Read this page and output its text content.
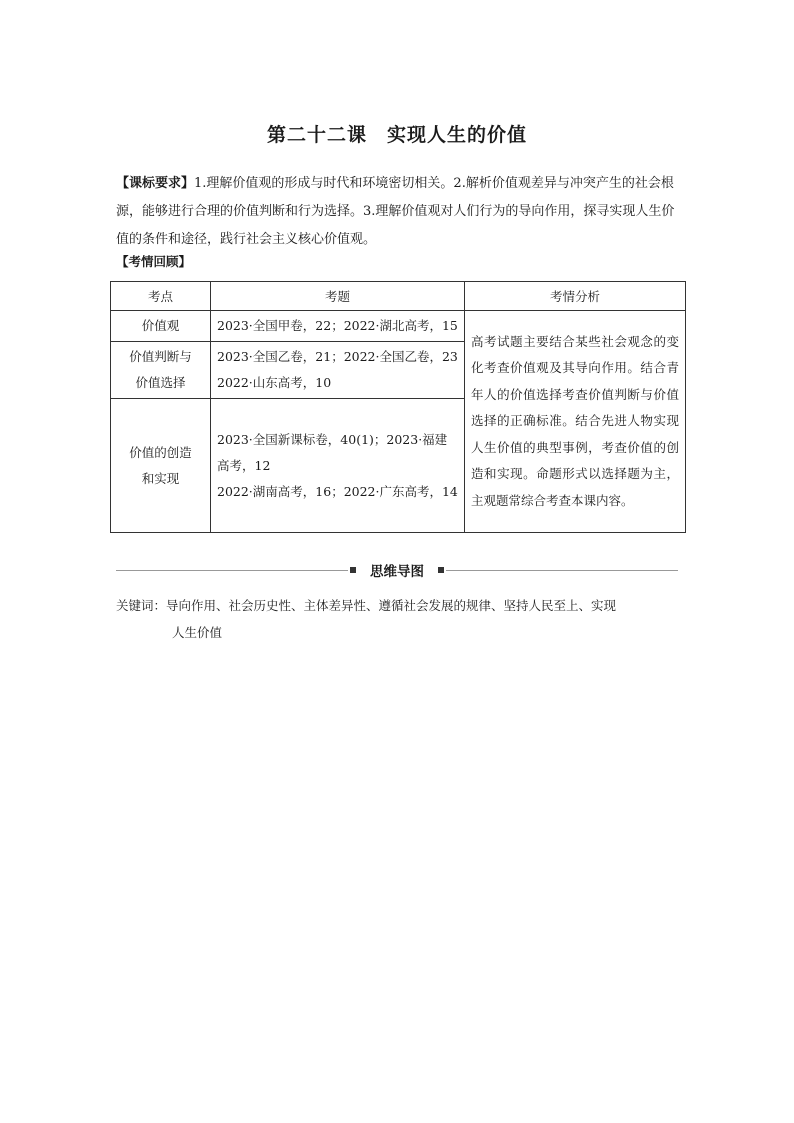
第二十二课　实现人生的价值
【课标要求】1.理解价值观的形成与时代和环境密切相关。2.解析价值观差异与冲突产生的社会根源，能够进行合理的价值判断和行为选择。3.理解价值观对人们行为的导向作用，探寻实现人生价值的条件和途径，践行社会主义核心价值观。
【考情回顾】
考点	考题	考情分析
价值观	2023·全国甲卷，22；2022·湖北高考，15	高考试题主要结合某些社会观念的变化考查价值观及其导向作用。结合青年人的价值选择考查价值判断与价值选择的正确标准。结合先进人物实现人生价值的典型事例，考查价值的创造和实现。命题形式以选择题为主，主观题常综合考查本课内容。

价值判断与价值选择	2023·全国乙卷，21；2022·全国乙卷，23
2022·山东高考，10	

价值的创造和实现	2023·全国新课标卷，40(1)；2023·福建高考，12
2022·湖南高考，16；2022·广东高考，14	
思维导图
关键词： 导向作用、社会历史性、主体差异性、遵循社会发展的规律、坚持人民至上、实现
人生价值
